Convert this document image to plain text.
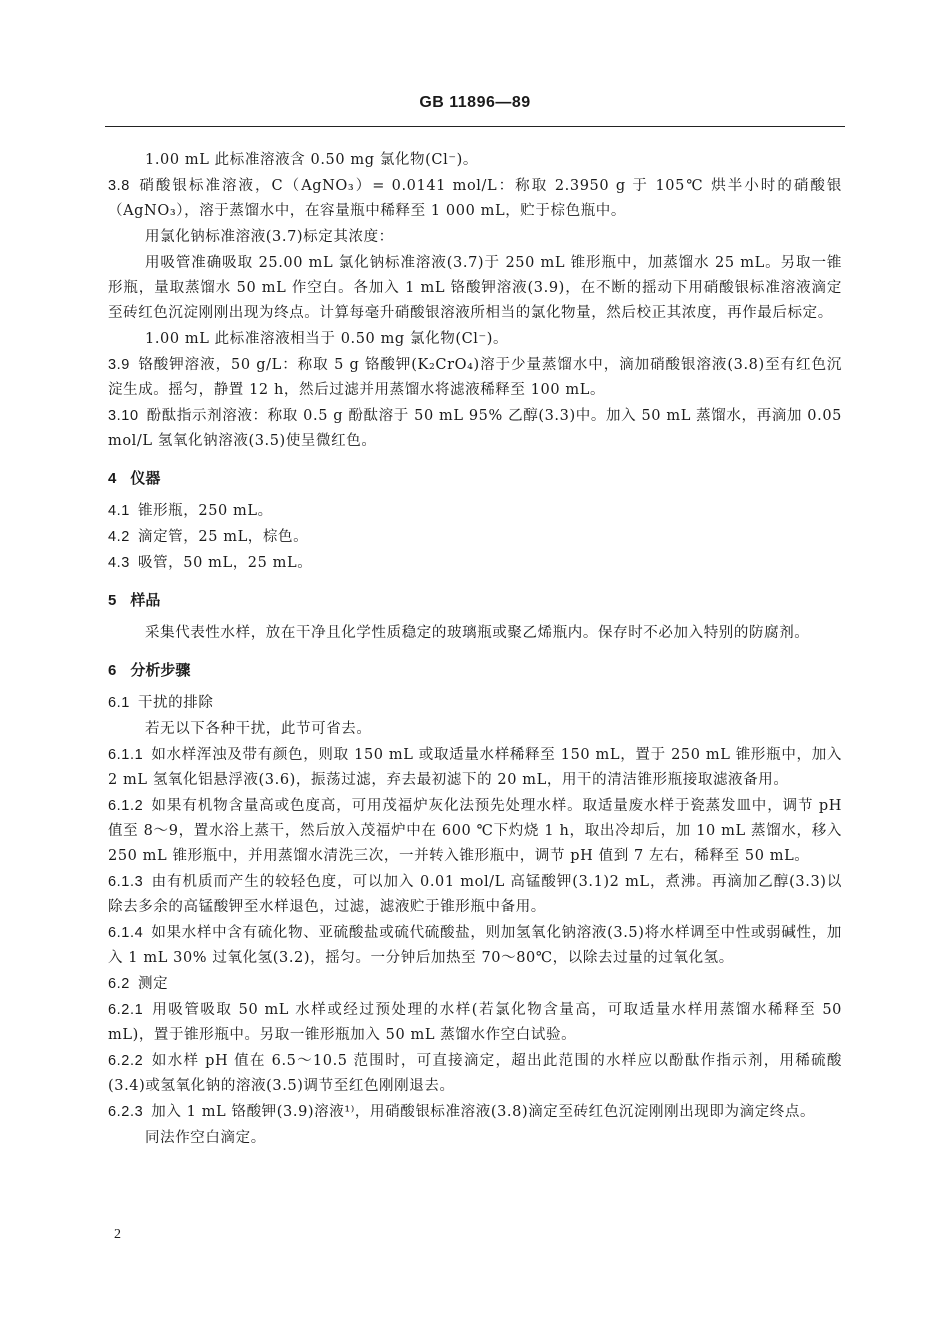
GB 11896—89

1.00 mL 此标准溶液含 0.50 mg 氯化物(Cl⁻)。

3.8 硝酸银标准溶液，C（AgNO₃）= 0.0141 mol/L：称取 2.3950 g 于 105℃ 烘半小时的硝酸银（AgNO₃），溶于蒸馏水中，在容量瓶中稀释至 1 000 mL，贮于棕色瓶中。

用氯化钠标准溶液(3.7)标定其浓度：

用吸管准确吸取 25.00 mL 氯化钠标准溶液(3.7)于 250 mL 锥形瓶中，加蒸馏水 25 mL。另取一锥形瓶，量取蒸馏水 50 mL 作空白。各加入 1 mL 铬酸钾溶液(3.9)，在不断的摇动下用硝酸银标准溶液滴定至砖红色沉淀刚刚出现为终点。计算每毫升硝酸银溶液所相当的氯化物量，然后校正其浓度，再作最后标定。

1.00 mL 此标准溶液相当于 0.50 mg 氯化物(Cl⁻)。

3.9 铬酸钾溶液，50 g/L：称取 5 g 铬酸钾(K₂CrO₄)溶于少量蒸馏水中，滴加硝酸银溶液(3.8)至有红色沉淀生成。摇匀，静置 12 h，然后过滤并用蒸馏水将滤液稀释至 100 mL。

3.10 酚酞指示剂溶液：称取 0.5 g 酚酞溶于 50 mL 95% 乙醇(3.3)中。加入 50 mL 蒸馏水，再滴加 0.05 mol/L 氢氧化钠溶液(3.5)使呈微红色。

4 仪器

4.1 锥形瓶，250 mL。

4.2 滴定管，25 mL，棕色。

4.3 吸管，50 mL，25 mL。

5 样品

采集代表性水样，放在干净且化学性质稳定的玻璃瓶或聚乙烯瓶内。保存时不必加入特别的防腐剂。

6 分析步骤

6.1 干扰的排除

若无以下各种干扰，此节可省去。

6.1.1 如水样浑浊及带有颜色，则取 150 mL 或取适量水样稀释至 150 mL，置于 250 mL 锥形瓶中，加入 2 mL 氢氧化铝悬浮液(3.6)，振荡过滤，弃去最初滤下的 20 mL，用干的清洁锥形瓶接取滤液备用。

6.1.2 如果有机物含量高或色度高，可用茂福炉灰化法预先处理水样。取适量废水样于瓷蒸发皿中，调节 pH 值至 8～9，置水浴上蒸干，然后放入茂福炉中在 600 ℃下灼烧 1 h，取出冷却后，加 10 mL 蒸馏水，移入 250 mL 锥形瓶中，并用蒸馏水清洗三次，一并转入锥形瓶中，调节 pH 值到 7 左右，稀释至 50 mL。

6.1.3 由有机质而产生的较轻色度，可以加入 0.01 mol/L 高锰酸钾(3.1)2 mL，煮沸。再滴加乙醇(3.3)以除去多余的高锰酸钾至水样退色，过滤，滤液贮于锥形瓶中备用。

6.1.4 如果水样中含有硫化物、亚硫酸盐或硫代硫酸盐，则加氢氧化钠溶液(3.5)将水样调至中性或弱碱性，加入 1 mL 30% 过氧化氢(3.2)，摇匀。一分钟后加热至 70～80℃，以除去过量的过氧化氢。

6.2 测定

6.2.1 用吸管吸取 50 mL 水样或经过预处理的水样(若氯化物含量高，可取适量水样用蒸馏水稀释至 50 mL)，置于锥形瓶中。另取一锥形瓶加入 50 mL 蒸馏水作空白试验。

6.2.2 如水样 pH 值在 6.5～10.5 范围时，可直接滴定，超出此范围的水样应以酚酞作指示剂，用稀硫酸(3.4)或氢氧化钠的溶液(3.5)调节至红色刚刚退去。

6.2.3 加入 1 mL 铬酸钾(3.9)溶液¹⁾，用硝酸银标准溶液(3.8)滴定至砖红色沉淀刚刚出现即为滴定终点。

同法作空白滴定。

2
